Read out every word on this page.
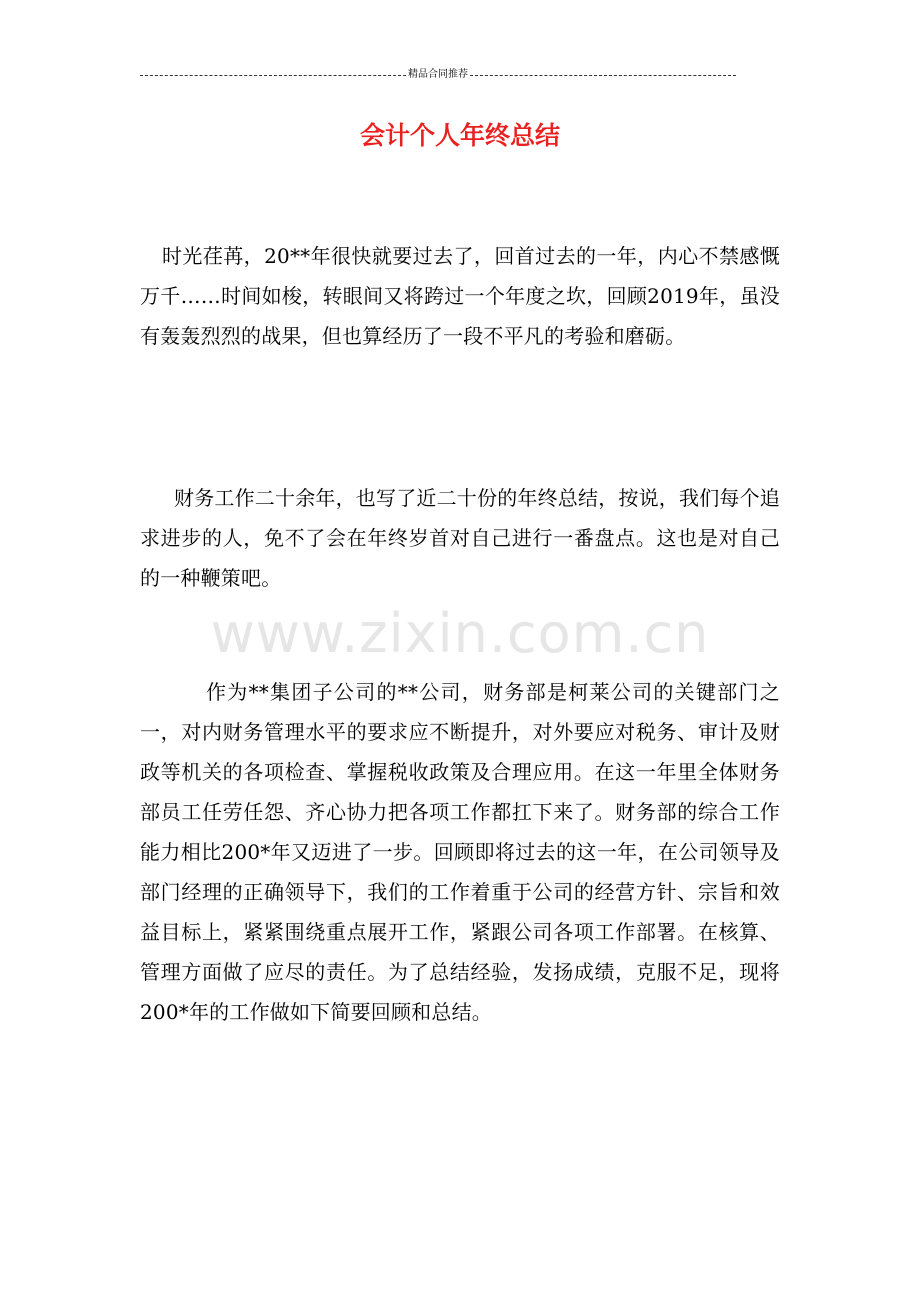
精品合同推荐
会计个人年终总结

时光荏苒，20**年很快就要过去了，回首过去的一年，内心不禁感慨万千……时间如梭，转眼间又将跨过一个年度之坎，回顾2019年，虽没有轰轰烈烈的战果，但也算经历了一段不平凡的考验和磨砺。

财务工作二十余年，也写了近二十份的年终总结，按说，我们每个追求进步的人，免不了会在年终岁首对自己进行一番盘点。这也是对自己的一种鞭策吧。

www.zixin.com.cn

作为**集团子公司的**公司，财务部是柯莱公司的关键部门之一，对内财务管理水平的要求应不断提升，对外要应对税务、审计及财政等机关的各项检查、掌握税收政策及合理应用。在这一年里全体财务部员工任劳任怨、齐心协力把各项工作都扛下来了。财务部的综合工作能力相比200*年又迈进了一步。回顾即将过去的这一年，在公司领导及部门经理的正确领导下，我们的工作着重于公司的经营方针、宗旨和效益目标上，紧紧围绕重点展开工作，紧跟公司各项工作部署。在核算、管理方面做了应尽的责任。为了总结经验，发扬成绩，克服不足，现将200*年的工作做如下简要回顾和总结。
